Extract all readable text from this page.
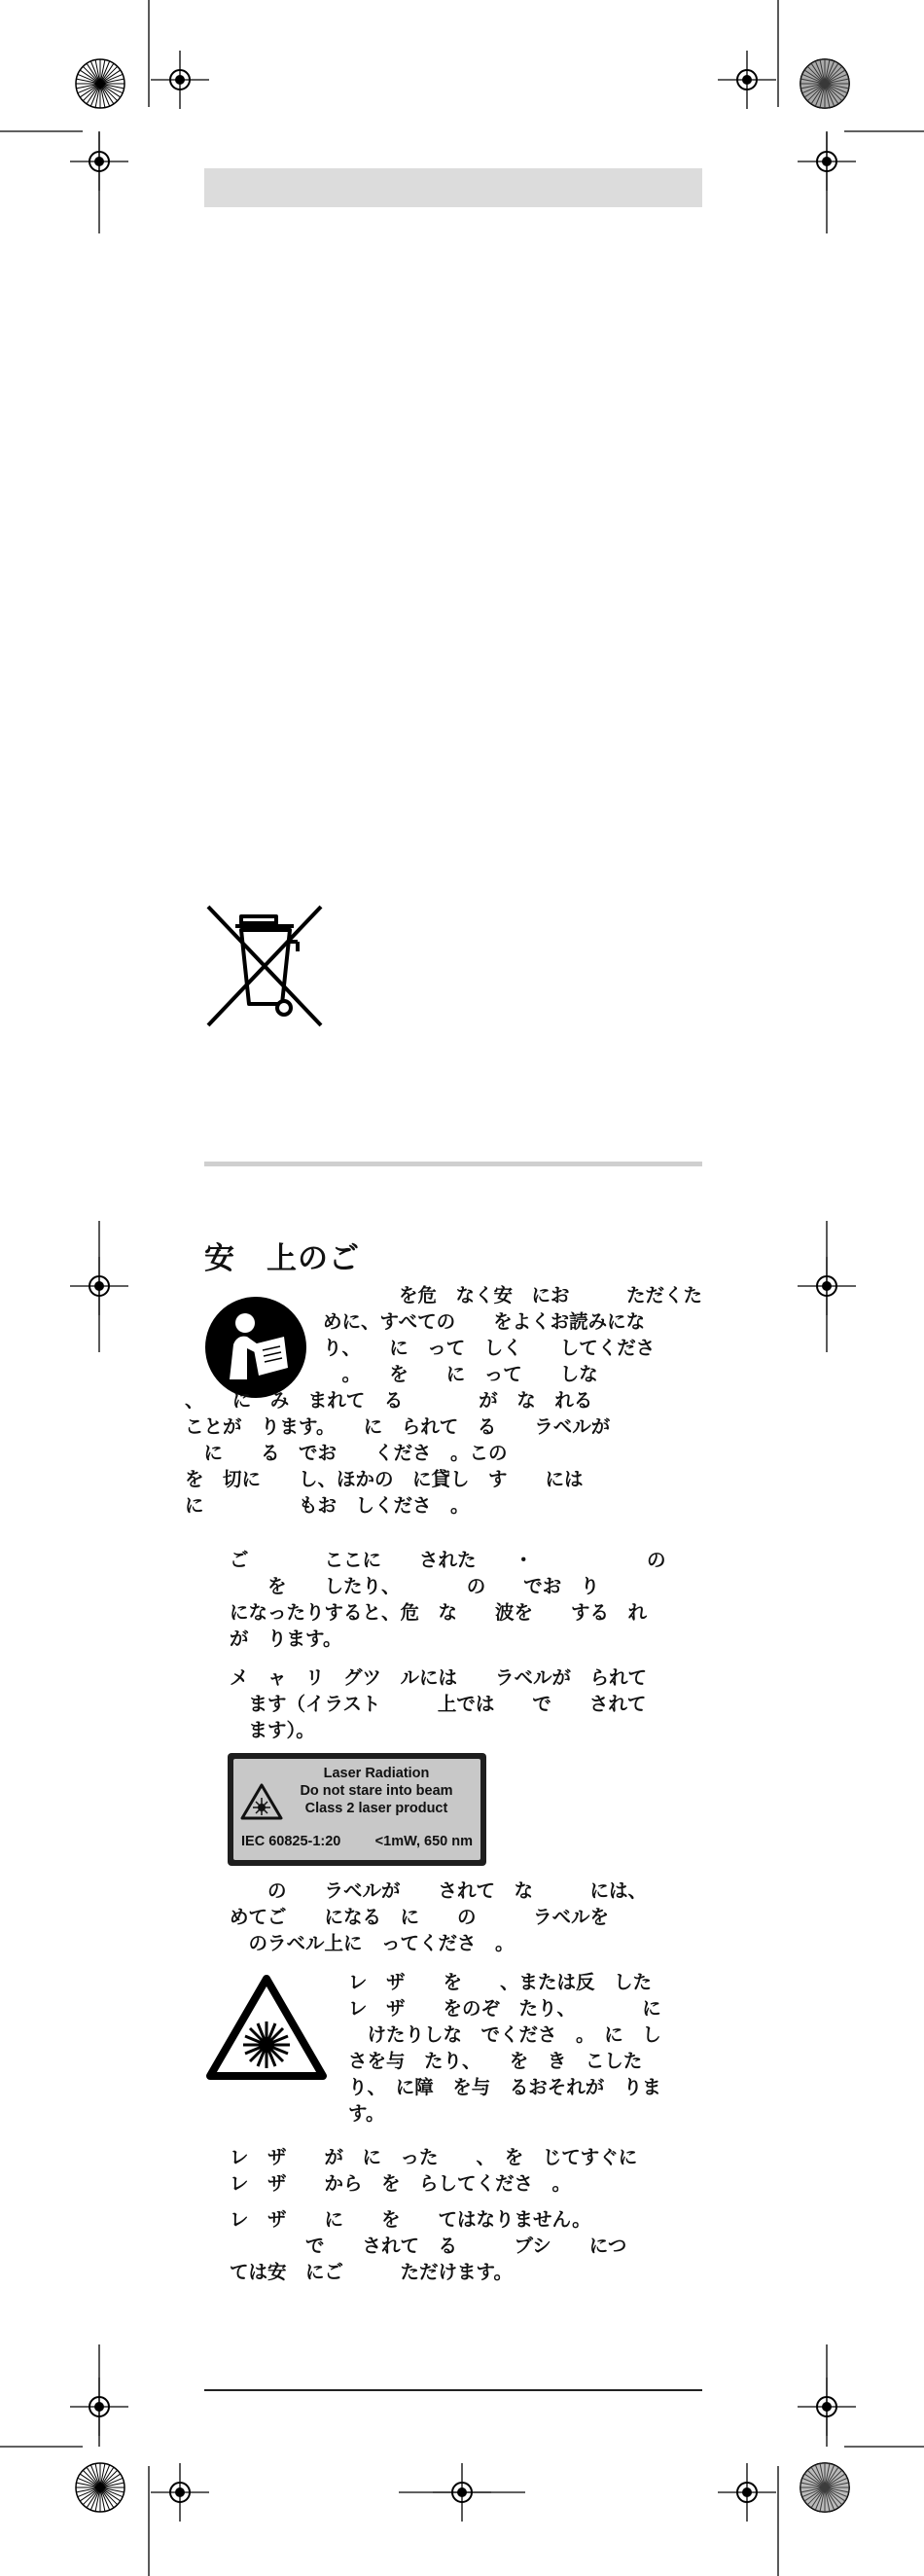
安　上のご

　　　　を危　なく安　にお　　　ただくた

めに、すべての　　をよくお読みにな

り、　　に　って　しく　　してくださ

　。　　を　　に　って　　しな

、　　に　み　まれて　る　　　　が　な　れる

ことが　ります。　　に　られて　る　　ラベルが

　に　　る　でお　　くださ　。この

を　切に　　し、ほかの　に貸し　す　　には

に　　　　　もお　しくださ　。

ご　　　　ここに　　された　　・　　　　　　の

　　を　　したり、　　　　の　　でお　り

になったりすると、危　な　　波を　　する　れ

が　ります。

メ　ャ　リ　グツ　ルには　　ラベルが　られて

　ます（イラスト　　　上では　　で　　されて

　ます）。

Laser Radiation
Do not stare into beam
Class 2 laser product
IEC 60825-1:20 <1mW, 650 nm

　　の　　ラベルが　　されて　な　　　には、

めてご　　になる　に　　の　　　ラベルを

　のラベル上に　ってくださ　。

レ　ザ　　を　　、または反　した

レ　ザ　　をのぞ　たり、　　　　に

　けたりしな　でくださ　。　に　し

さを与　たり、　　を　き　こした

り、　に障　を与　るおそれが　りま

す。

レ　ザ　　が　に　った　　、　を　じてすぐに

レ　ザ　　から　を　らしてくださ　。

レ　ザ　　に　　を　　てはなりません。

　　　　で　　されて　る　　　ブシ　　につ

ては安　にご　　　ただけます。
